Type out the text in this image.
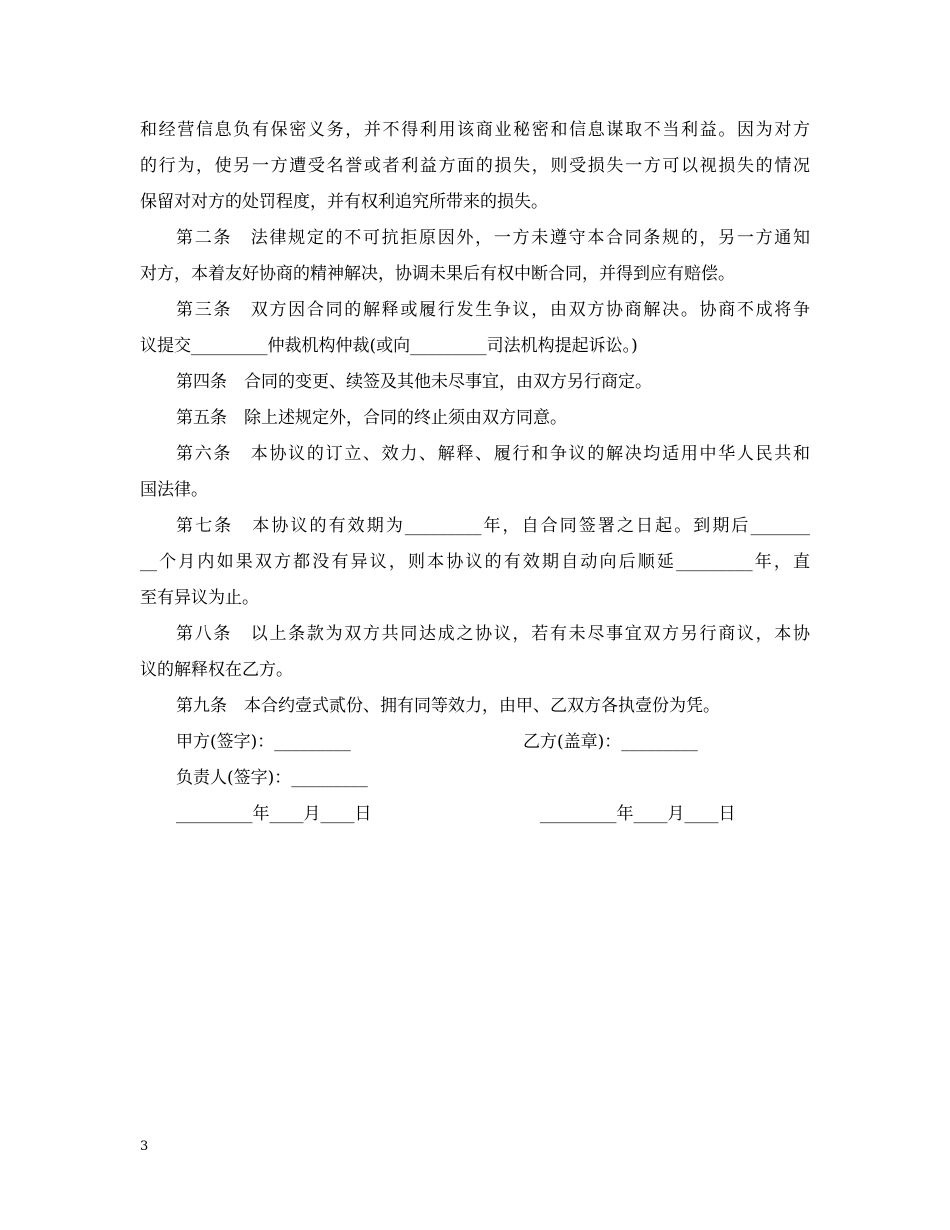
和经营信息负有保密义务，并不得利用该商业秘密和信息谋取不当利益。因为对方
的行为，使另一方遭受名誉或者利益方面的损失，则受损失一方可以视损失的情况
保留对对方的处罚程度，并有权利追究所带来的损失。
第二条　法律规定的不可抗拒原因外，一方未遵守本合同条规的，另一方通知
对方，本着友好协商的精神解决，协调未果后有权中断合同，并得到应有赔偿。
第三条　双方因合同的解释或履行发生争议，由双方协商解决。协商不成将争
议提交_________仲裁机构仲裁(或向_________司法机构提起诉讼。)
第四条　合同的变更、续签及其他未尽事宜，由双方另行商定。
第五条　除上述规定外，合同的终止须由双方同意。
第六条　本协议的订立、效力、解释、履行和争议的解决均适用中华人民共和
国法律。
第七条　本协议的有效期为_________年，自合同签署之日起。到期后_______
__个月内如果双方都没有异议，则本协议的有效期自动向后顺延_________年，直
至有异议为止。
第八条　以上条款为双方共同达成之协议，若有未尽事宜双方另行商议，本协
议的解释权在乙方。
第九条　本合约壹式贰份、拥有同等效力，由甲、乙双方各执壹份为凭。
甲方(签字)：_________	乙方(盖章)：_________
负责人(签字)：_________
_________年____月____日	_________年____月____日
3
